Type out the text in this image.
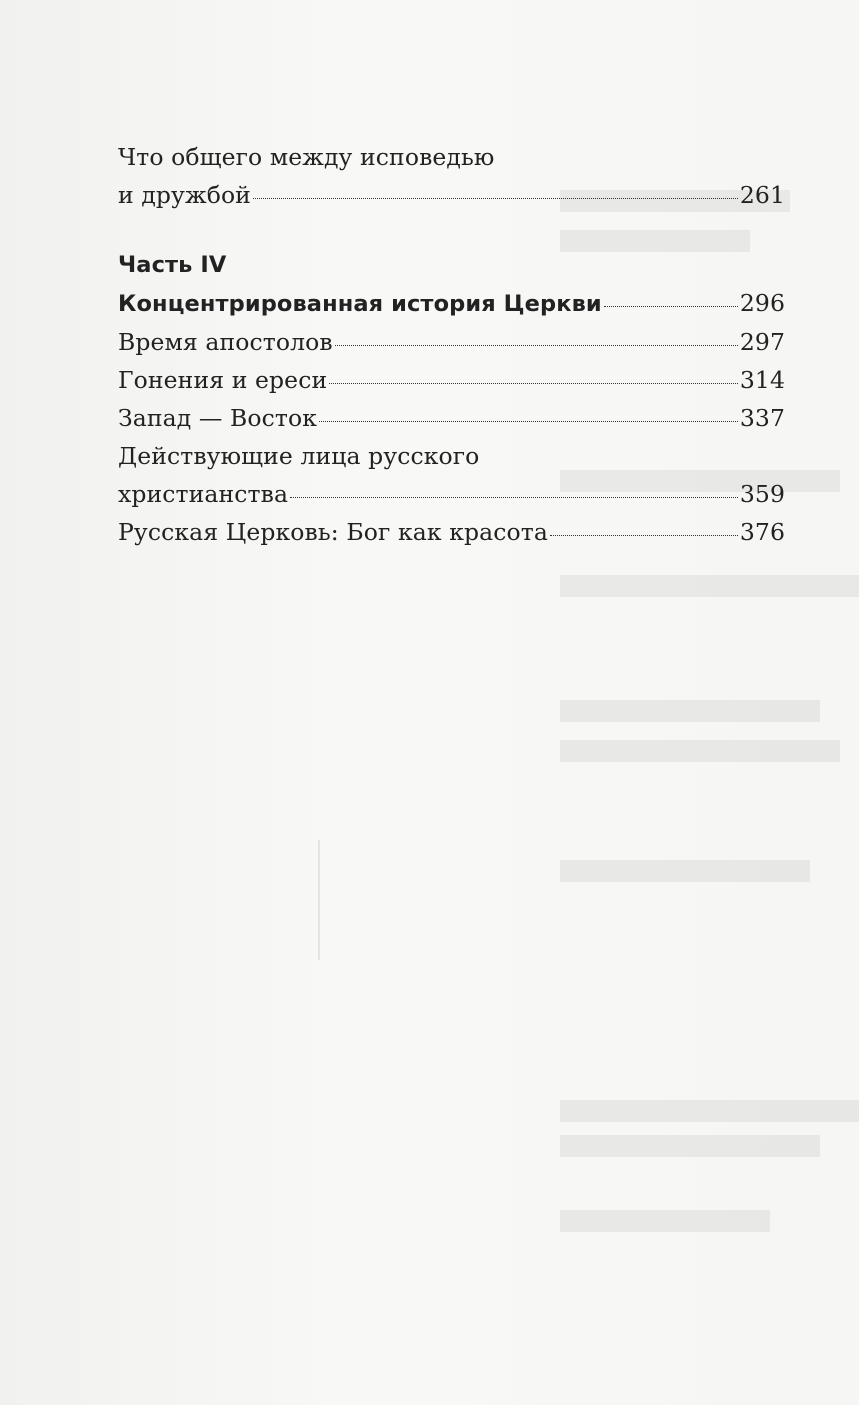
Что общего между исповедью
и дружбой	261
Часть IV
Концентрированная история Церкви	296
Время апостолов	297
Гонения и ереси	314
Запад — Восток	337
Действующие лица русского
христианства	359
Русская Церковь: Бог как красота	376
